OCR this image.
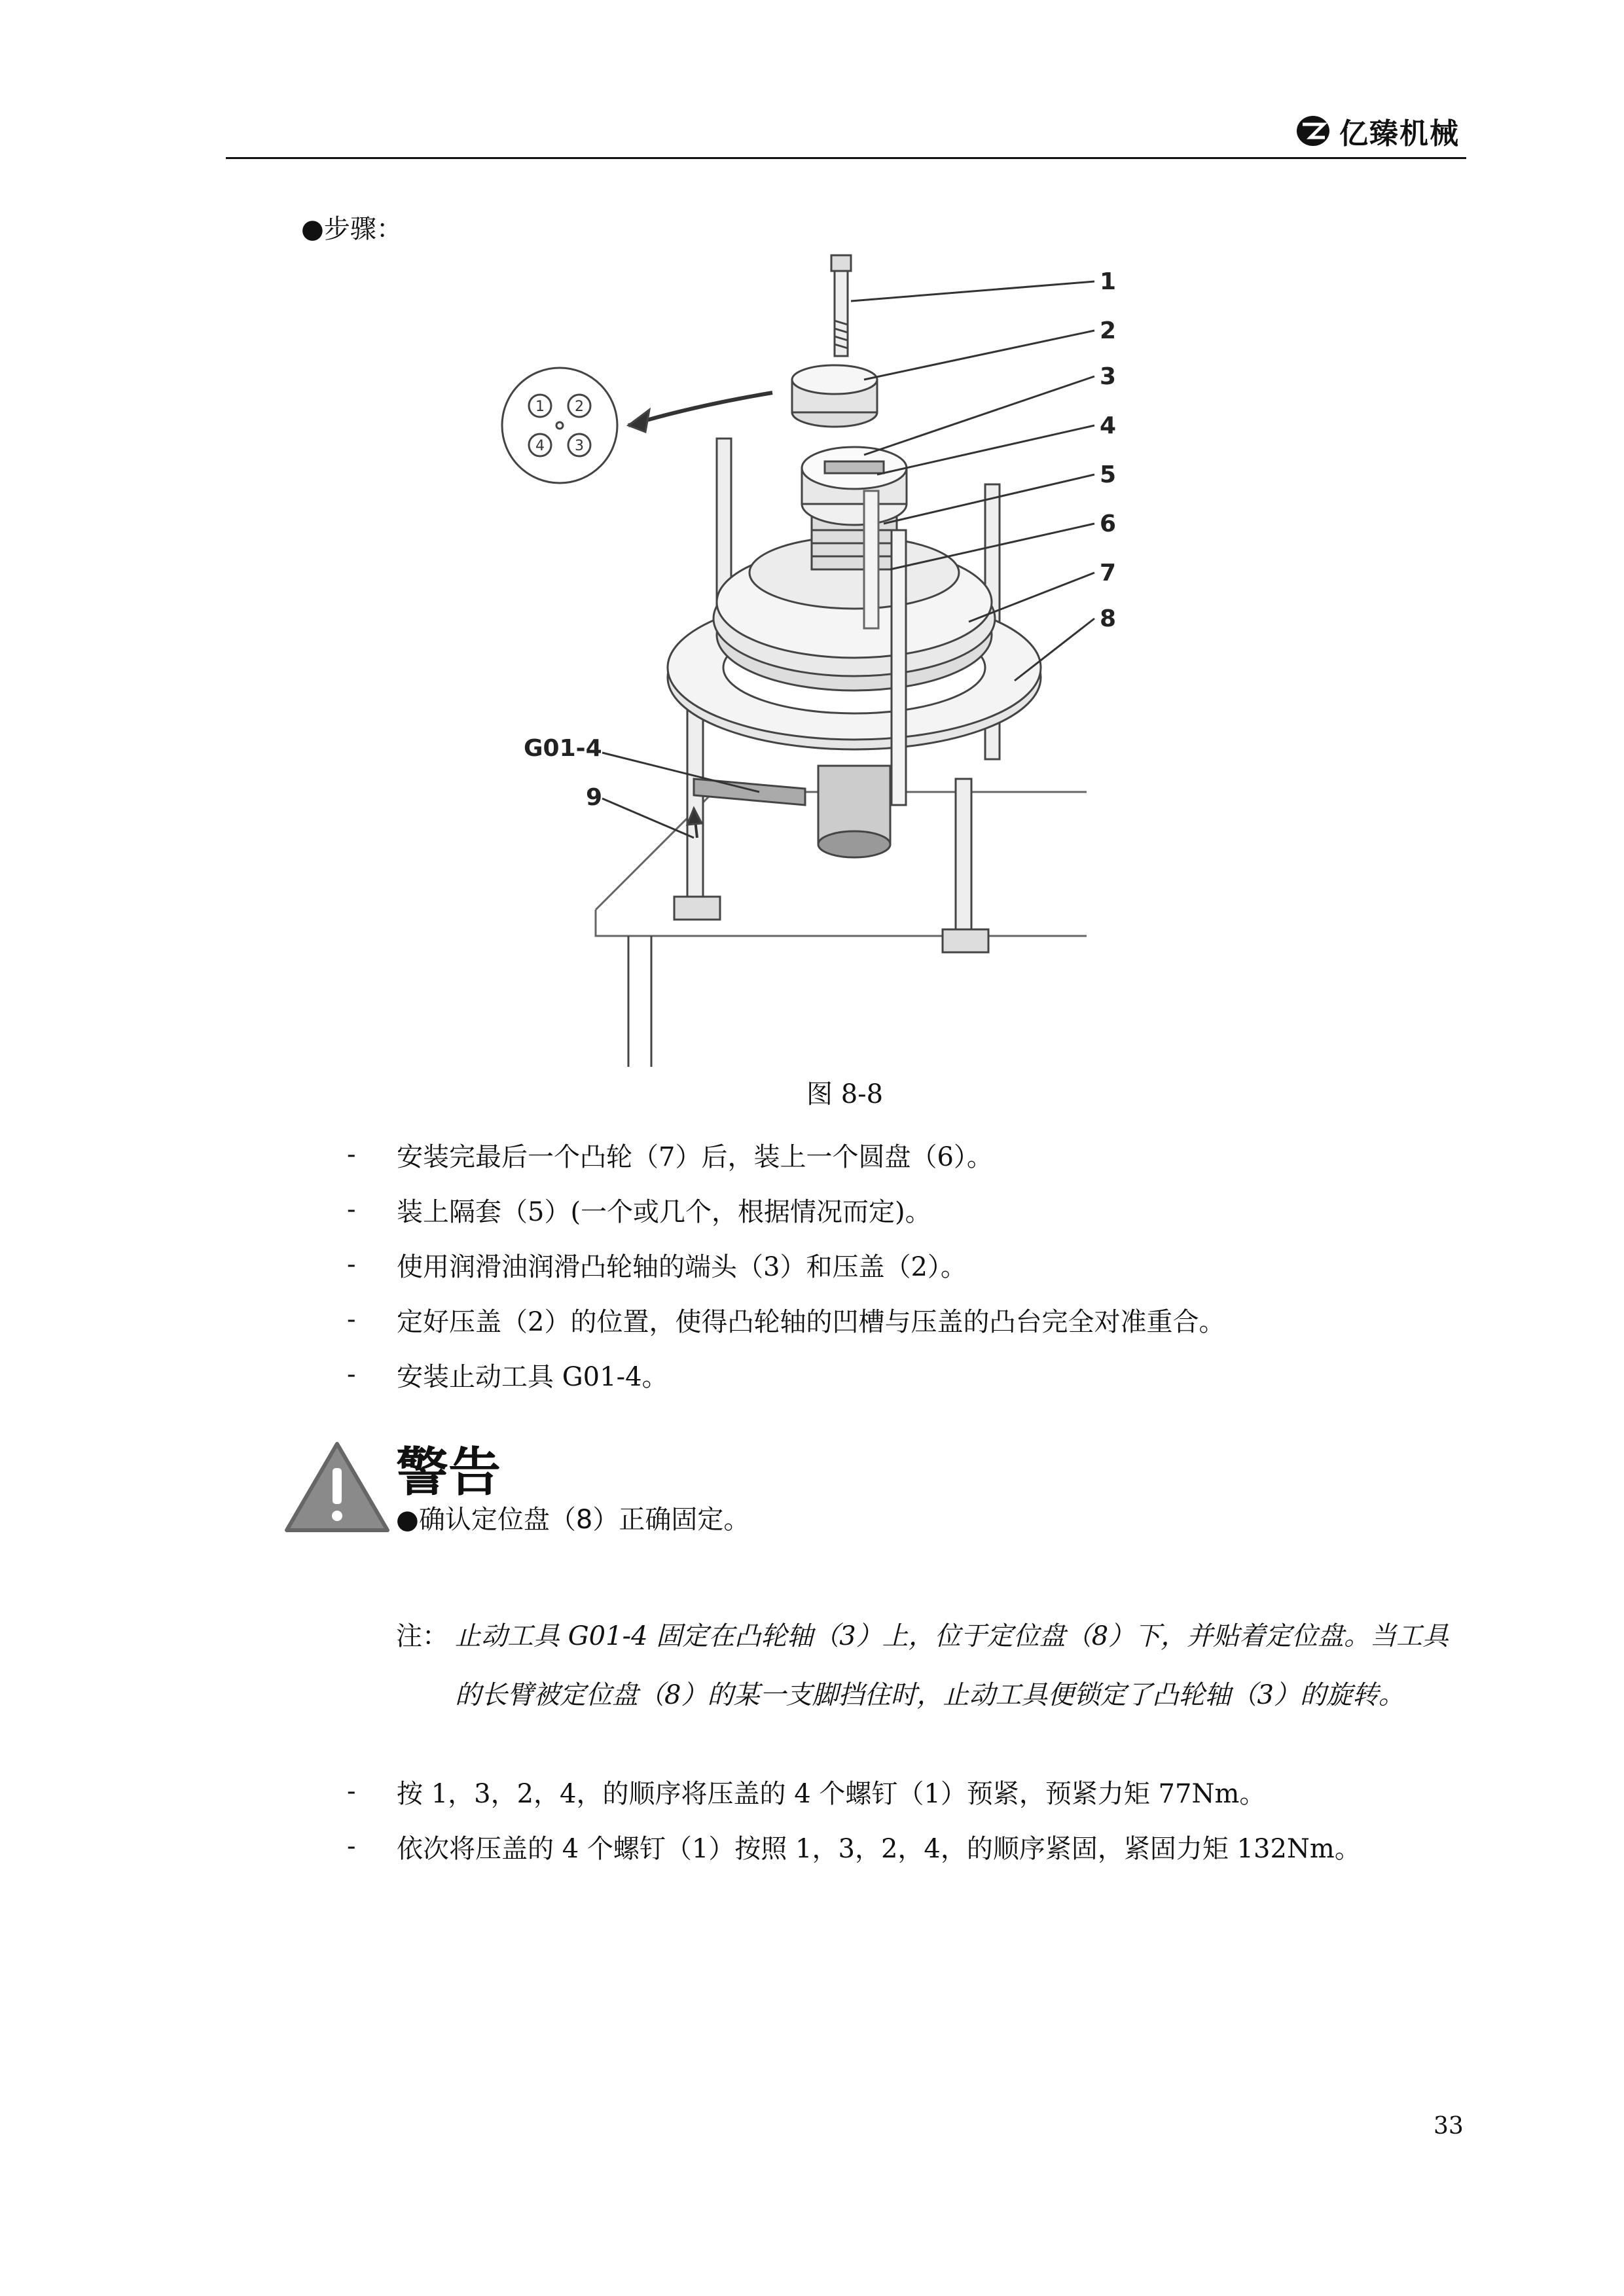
亿臻机械
●步骤：
1 2
4 3
1
2
3
4
5
6
7
8
G01-4
9
图 8-8
-	安装完最后一个凸轮（7）后，装上一个圆盘（6）。
-	装上隔套（5）(一个或几个，根据情况而定)。
-	使用润滑油润滑凸轮轴的端头（3）和压盖（2）。
-	定好压盖（2）的位置，使得凸轮轴的凹槽与压盖的凸台完全对准重合。
-	安装止动工具 G01-4。
警告
●确认定位盘（8）正确固定。
注： 止动工具 G01-4 固定在凸轮轴（3）上，位于定位盘（8）下，并贴着定位盘。当工具的长臂被定位盘（8）的某一支脚挡住时，止动工具便锁定了凸轮轴（3）的旋转。
-	按 1，3，2，4，的顺序将压盖的 4 个螺钉（1）预紧，预紧力矩 77Nm。
-	依次将压盖的 4 个螺钉（1）按照 1，3，2，4，的顺序紧固，紧固力矩 132Nm。
33
